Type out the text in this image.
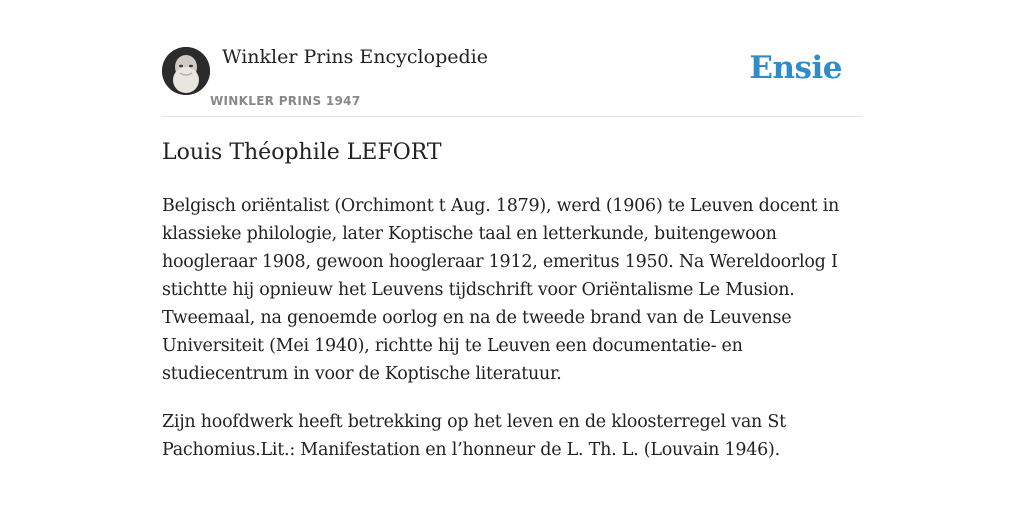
Winkler Prins Encyclopedie
WINKLER PRINS 1947
Ensie
Louis Théophile LEFORT

Belgisch oriëntalist (Orchimont t Aug. 1879), werd (1906) te Leuven docent in klassieke philologie, later Koptische taal en letterkunde, buitengewoon hoogleraar 1908, gewoon hoogleraar 1912, emeritus 1950. Na Wereldoorlog I stichtte hij opnieuw het Leuvens tijdschrift voor Oriëntalisme Le Musion. Tweemaal, na genoemde oorlog en na de tweede brand van de Leuvense Universiteit (Mei 1940), richtte hij te Leuven een documentatie- en studiecentrum in voor de Koptische literatuur.

Zijn hoofdwerk heeft betrekking op het leven en de kloosterregel van St Pachomius.Lit.: Manifestation en l’honneur de L. Th. L. (Louvain 1946).
